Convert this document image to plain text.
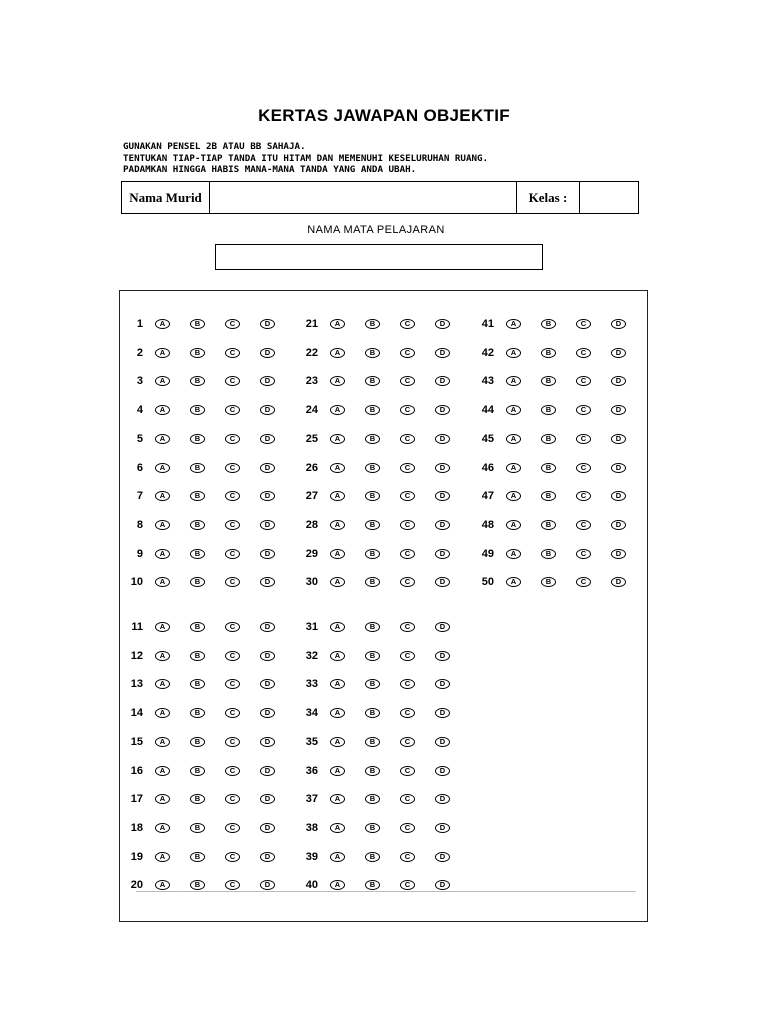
KERTAS JAWAPAN OBJEKTIF
GUNAKAN PENSEL 2B ATAU BB SAHAJA.
TENTUKAN TIAP-TIAP TANDA ITU HITAM DAN MEMENUHI KESELURUHAN RUANG.
PADAMKAN HINGGA HABIS MANA-MANA TANDA YANG ANDA UBAH.
Nama Murid	Kelas :
NAMA MATA PELAJARAN
1	A	B	C	D
2	A	B	C	D
3	A	B	C	D
4	A	B	C	D
5	A	B	C	D
6	A	B	C	D
7	A	B	C	D
8	A	B	C	D
9	A	B	C	D
10	A	B	C	D
11	A	B	C	D
12	A	B	C	D
13	A	B	C	D
14	A	B	C	D
15	A	B	C	D
16	A	B	C	D
17	A	B	C	D
18	A	B	C	D
19	A	B	C	D
20	A	B	C	D
21	A	B	C	D
22	A	B	C	D
23	A	B	C	D
24	A	B	C	D
25	A	B	C	D
26	A	B	C	D
27	A	B	C	D
28	A	B	C	D
29	A	B	C	D
30	A	B	C	D
31	A	B	C	D
32	A	B	C	D
33	A	B	C	D
34	A	B	C	D
35	A	B	C	D
36	A	B	C	D
37	A	B	C	D
38	A	B	C	D
39	A	B	C	D
40	A	B	C	D
41	A	B	C	D
42	A	B	C	D
43	A	B	C	D
44	A	B	C	D
45	A	B	C	D
46	A	B	C	D
47	A	B	C	D
48	A	B	C	D
49	A	B	C	D
50	A	B	C	D
